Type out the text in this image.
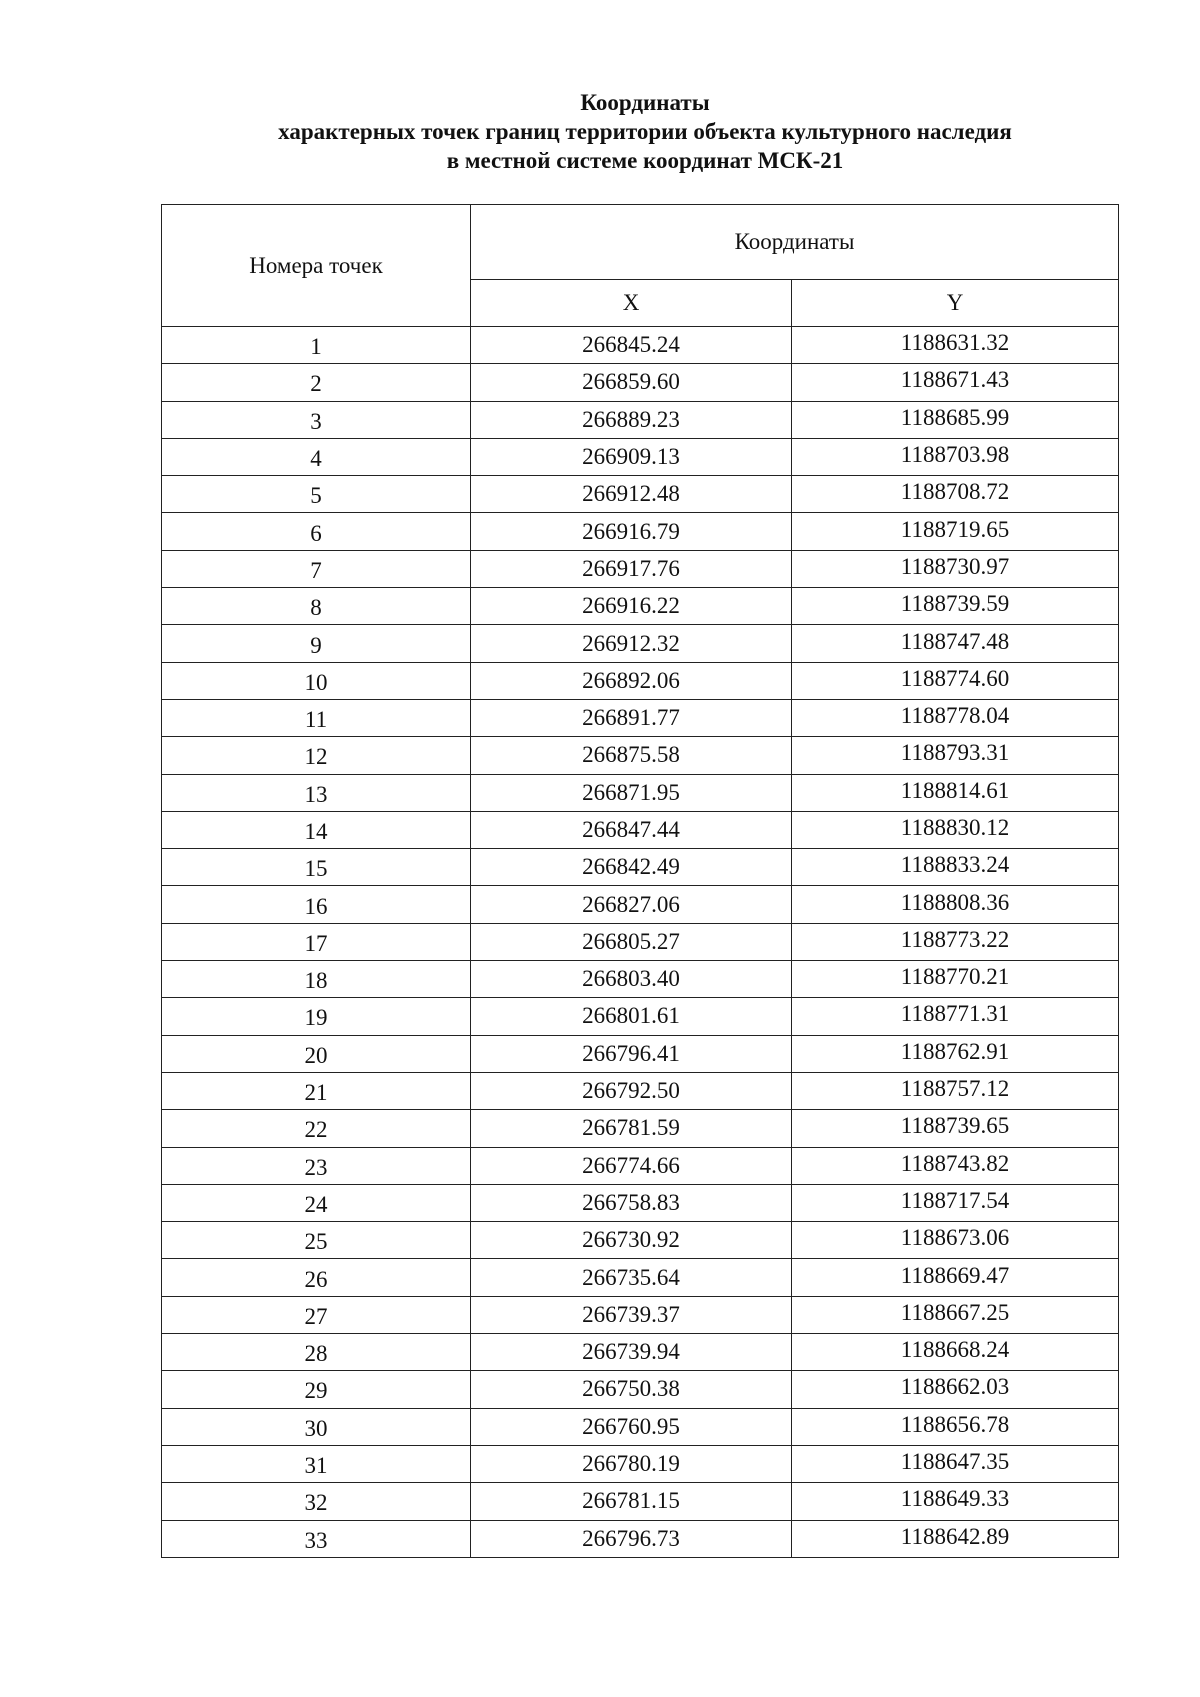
Координаты
характерных точек границ территории объекта культурного наследия
в местной системе координат МСК-21
Номера точек	Координаты	
	X	Y
1	266845.24	1188631.32
2	266859.60	1188671.43
3	266889.23	1188685.99
4	266909.13	1188703.98
5	266912.48	1188708.72
6	266916.79	1188719.65
7	266917.76	1188730.97
8	266916.22	1188739.59
9	266912.32	1188747.48
10	266892.06	1188774.60
11	266891.77	1188778.04
12	266875.58	1188793.31
13	266871.95	1188814.61
14	266847.44	1188830.12
15	266842.49	1188833.24
16	266827.06	1188808.36
17	266805.27	1188773.22
18	266803.40	1188770.21
19	266801.61	1188771.31
20	266796.41	1188762.91
21	266792.50	1188757.12
22	266781.59	1188739.65
23	266774.66	1188743.82
24	266758.83	1188717.54
25	266730.92	1188673.06
26	266735.64	1188669.47
27	266739.37	1188667.25
28	266739.94	1188668.24
29	266750.38	1188662.03
30	266760.95	1188656.78
31	266780.19	1188647.35
32	266781.15	1188649.33
33	266796.73	1188642.89
